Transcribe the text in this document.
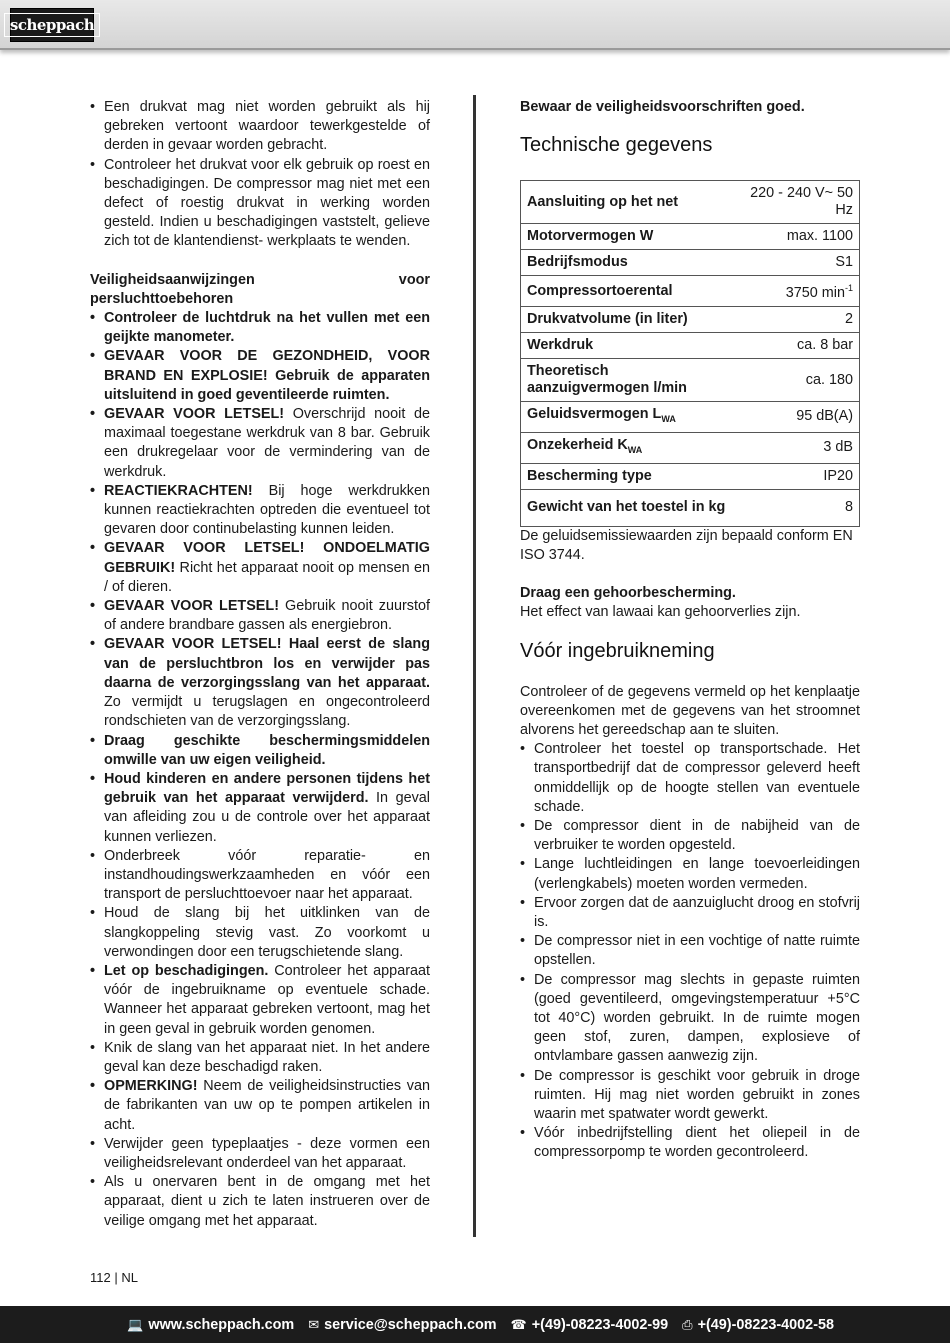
scheppach
• Een drukvat mag niet worden gebruikt als hij gebreken vertoont waardoor tewerkgestelde of derden in gevaar worden gebracht.
• Controleer het drukvat voor elk gebruik op roest en beschadigingen. De compressor mag niet met een defect of roestig drukvat in werking worden gesteld. Indien u beschadigingen vaststelt, gelieve zich tot de klantendienst- werkplaats te wenden.
Veiligheidsaanwijzingen voor persluchttoebehoren
• Controleer de luchtdruk na het vullen met een geijkte manometer.
• GEVAAR VOOR DE GEZONDHEID, VOOR BRAND EN EXPLOSIE! Gebruik de apparaten uitsluitend in goed geventileerde ruimten.
• GEVAAR VOOR LETSEL! Overschrijd nooit de maximaal toegestane werkdruk van 8 bar. Gebruik een drukregelaar voor de vermindering van de werkdruk.
• REACTIEKRACHTEN! Bij hoge werkdrukken kunnen reactiekrachten optreden die eventueel tot gevaren door continubelasting kunnen leiden.
• GEVAAR VOOR LETSEL! ONDOELMATIG GEBRUIK! Richt het apparaat nooit op mensen en / of dieren.
• GEVAAR VOOR LETSEL! Gebruik nooit zuurstof of andere brandbare gassen als energiebron.
• GEVAAR VOOR LETSEL! Haal eerst de slang van de persluchtbron los en verwijder pas daarna de verzorgingsslang van het apparaat. Zo vermijdt u terugslagen en ongecontroleerd rondschieten van de verzorgingsslang.
• Draag geschikte beschermingsmiddelen omwille van uw eigen veiligheid.
• Houd kinderen en andere personen tijdens het gebruik van het apparaat verwijderd. In geval van afleiding zou u de controle over het apparaat kunnen verliezen.
• Onderbreek vóór reparatie- en instandhoudingswerkzaamheden en vóór een transport de persluchttoevoer naar het apparaat.
• Houd de slang bij het uitklinken van de slangkoppeling stevig vast. Zo voorkomt u verwondingen door een terugschietende slang.
• Let op beschadigingen. Controleer het apparaat vóór de ingebruikname op eventuele schade. Wanneer het apparaat gebreken vertoont, mag het in geen geval in gebruik worden genomen.
• Knik de slang van het apparaat niet. In het andere geval kan deze beschadigd raken.
• OPMERKING! Neem de veiligheidsinstructies van de fabrikanten van uw op te pompen artikelen in acht.
• Verwijder geen typeplaatjes - deze vormen een veiligheidsrelevant onderdeel van het apparaat.
• Als u onervaren bent in de omgang met het apparaat, dient u zich te laten instrueren over de veilige omgang met het apparaat.

Bewaar de veiligheidsvoorschriften goed.

Technische gegevens
Aansluiting op het net	220 - 240 V~ 50 Hz
Motorvermogen W	max. 1100
Bedrijfsmodus	S1
Compressortoerental	3750 $\min^{-1}$
Drukvatvolume (in liter)	2
Werkdruk	ca. 8 bar
Theoretisch aanzuigvermogen l/min	ca. 180
Geluidsvermogen $L_{WA}$	95 dB(A)
Onzekerheid $K_{WA}$	3 dB
Bescherming type	IP20
Gewicht van het toestel in kg	8

De geluidsemissiewaarden zijn bepaald conform EN ISO 3744.

Draag een gehoorbescherming.

Het effect van lawaai kan gehoorverlies zijn.

Vóór ingebruikneming

Controleer of de gegevens vermeld op het kenplaatje overeenkomen met de gegevens van het stroomnet alvorens het gereedschap aan te sluiten.

• Controleer het toestel op transportschade. Het transportbedrijf dat de compressor geleverd heeft onmiddellijk op de hoogte stellen van eventuele schade.
• De compressor dient in de nabijheid van de verbruiker te worden opgesteld.
• Lange luchtleidingen en lange toevoerleidingen (verlengkabels) moeten worden vermeden.
• Ervoor zorgen dat de aanzuiglucht droog en stofvrij is.
• De compressor niet in een vochtige of natte ruimte opstellen.
• De compressor mag slechts in gepaste ruimten (goed geventileerd, omgevingstemperatuur +5°C tot 40°C) worden gebruikt. In de ruimte mogen geen stof, zuren, dampen, explosieve of ontvlambare gassen aanwezig zijn.
• De compressor is geschikt voor gebruik in droge ruimten. Hij mag niet worden gebruikt in zones waarin met spatwater wordt gewerkt.
• Vóór inbedrijfstelling dient het oliepeil in de compressorpomp te worden gecontroleerd.
112 | NL
💻 www.scheppach.com ✉ service@scheppach.com ☎ +(49)-08223-4002-99 ⎙ +(49)-08223-4002-58
